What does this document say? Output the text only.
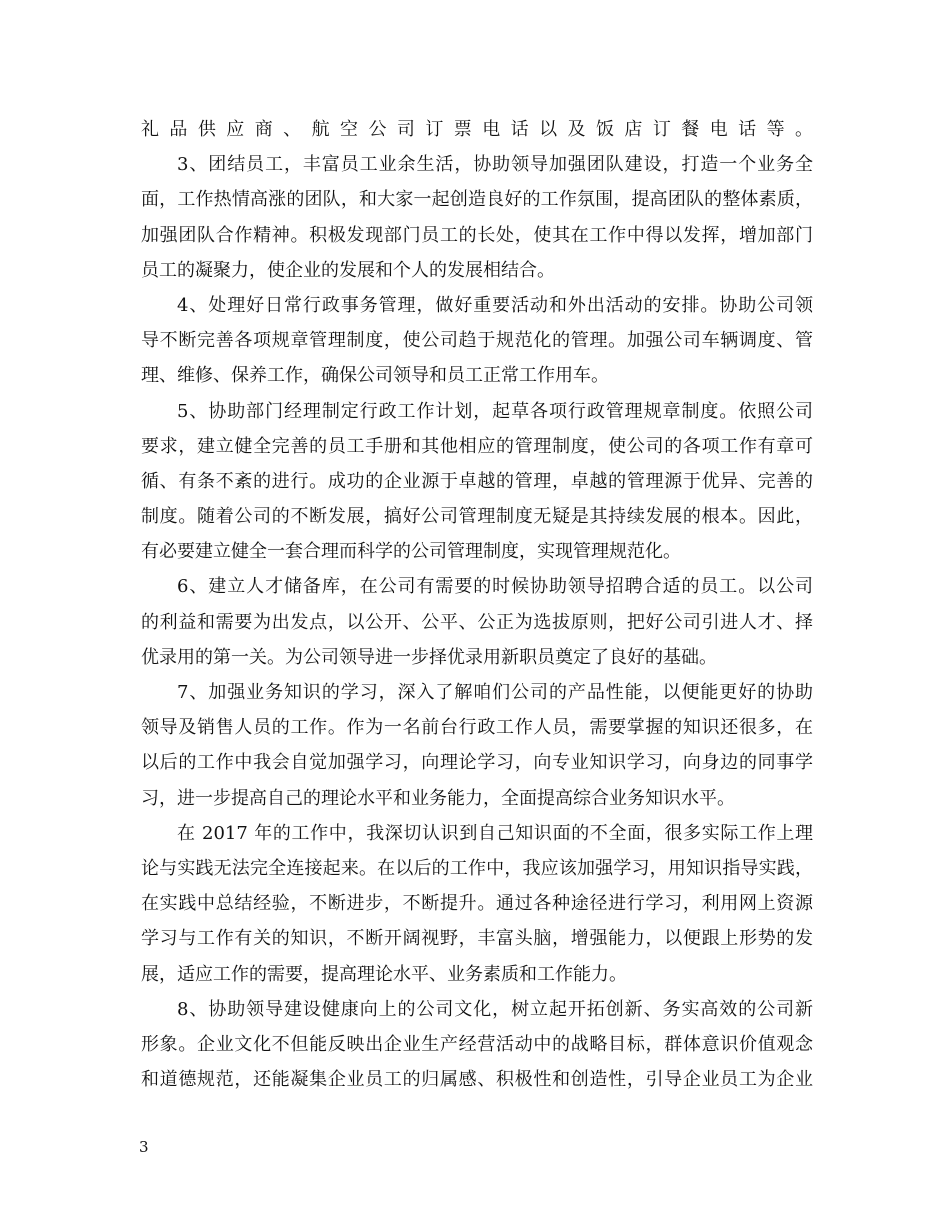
礼品供应商、航空公司订票电话以及饭店订餐电话等。
3、团结员工，丰富员工业余生活，协助领导加强团队建设，打造一个业务全
面，工作热情高涨的团队，和大家一起创造良好的工作氛围，提高团队的整体素质，
加强团队合作精神。积极发现部门员工的长处，使其在工作中得以发挥，增加部门
员工的凝聚力，使企业的发展和个人的发展相结合。
4、处理好日常行政事务管理，做好重要活动和外出活动的安排。协助公司领
导不断完善各项规章管理制度，使公司趋于规范化的管理。加强公司车辆调度、管
理、维修、保养工作，确保公司领导和员工正常工作用车。
5、协助部门经理制定行政工作计划，起草各项行政管理规章制度。依照公司
要求，建立健全完善的员工手册和其他相应的管理制度，使公司的各项工作有章可
循、有条不紊的进行。成功的企业源于卓越的管理，卓越的管理源于优异、完善的
制度。随着公司的不断发展，搞好公司管理制度无疑是其持续发展的根本。因此，
有必要建立健全一套合理而科学的公司管理制度，实现管理规范化。
6、建立人才储备库，在公司有需要的时候协助领导招聘合适的员工。以公司
的利益和需要为出发点，以公开、公平、公正为选拔原则，把好公司引进人才、择
优录用的第一关。为公司领导进一步择优录用新职员奠定了良好的基础。
7、加强业务知识的学习，深入了解咱们公司的产品性能，以便能更好的协助
领导及销售人员的工作。作为一名前台行政工作人员，需要掌握的知识还很多，在
以后的工作中我会自觉加强学习，向理论学习，向专业知识学习，向身边的同事学
习，进一步提高自己的理论水平和业务能力，全面提高综合业务知识水平。
在 2017 年的工作中，我深切认识到自己知识面的不全面，很多实际工作上理
论与实践无法完全连接起来。在以后的工作中，我应该加强学习，用知识指导实践，
在实践中总结经验，不断进步，不断提升。通过各种途径进行学习，利用网上资源
学习与工作有关的知识，不断开阔视野，丰富头脑，增强能力，以便跟上形势的发
展，适应工作的需要，提高理论水平、业务素质和工作能力。
8、协助领导建设健康向上的公司文化，树立起开拓创新、务实高效的公司新
形象。企业文化不但能反映出企业生产经营活动中的战略目标，群体意识价值观念
和道德规范，还能凝集企业员工的归属感、积极性和创造性，引导企业员工为企业
3
